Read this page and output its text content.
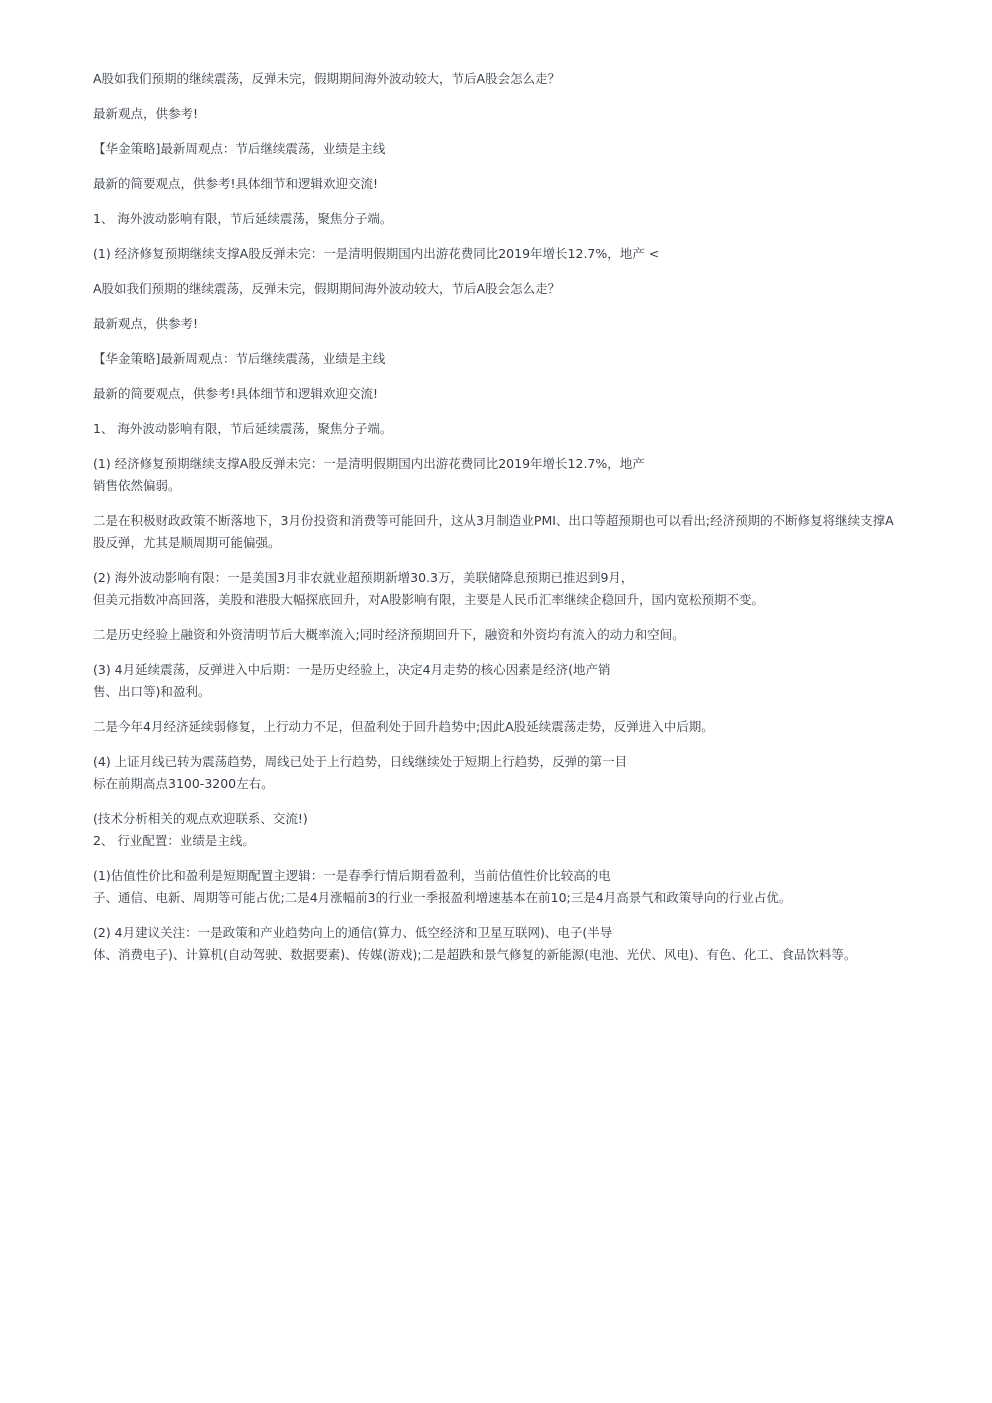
A股如我们预期的继续震荡，反弹未完，假期期间海外波动较大，节后A股会怎么走？
最新观点，供参考!
【华金策略]最新周观点：节后继续震荡，业绩是主线
最新的简要观点，供参考!具体细节和逻辑欢迎交流!
1、 海外波动影响有限，节后延续震荡，聚焦分子端。
(1) 经济修复预期继续支撑A股反弹未完：一是清明假期国内出游花费同比2019年增长12.7%，地产 <
A股如我们预期的继续震荡，反弹未完，假期期间海外波动较大，节后A股会怎么走？
最新观点，供参考!
【华金策略]最新周观点：节后继续震荡，业绩是主线
最新的简要观点，供参考!具体细节和逻辑欢迎交流!
1、 海外波动影响有限，节后延续震荡，聚焦分子端。
(1) 经济修复预期继续支撑A股反弹未完：一是清明假期国内出游花费同比2019年增长12.7%，地产
销售依然偏弱。
二是在积极财政政策不断落地下，3月份投资和消费等可能回升，这从3月制造业PMI、出口等超预期也可以看出;经济预期的不断修复将继续支撑A
股反弹，尤其是顺周期可能偏强。
(2) 海外波动影响有限：一是美国3月非农就业超预期新增30.3万，美联储降息预期已推迟到9月，
但美元指数冲高回落，美股和港股大幅探底回升，对A股影响有限，主要是人民币汇率继续企稳回升，国内宽松预期不变。
二是历史经验上融资和外资清明节后大概率流入;同时经济预期回升下，融资和外资均有流入的动力和空间。
(3) 4月延续震荡，反弹进入中后期：一是历史经验上，决定4月走势的核心因素是经济(地产销
售、出口等)和盈利。
二是今年4月经济延续弱修复，上行动力不足，但盈利处于回升趋势中;因此A股延续震荡走势，反弹进入中后期。
(4) 上证月线已转为震荡趋势，周线已处于上行趋势，日线继续处于短期上行趋势，反弹的第一目
标在前期高点3100-3200左右。
(技术分析相关的观点欢迎联系、交流!)
2、 行业配置：业绩是主线。
(1)估值性价比和盈利是短期配置主逻辑：一是春季行情后期看盈利，当前估值性价比较高的电
子、通信、电新、周期等可能占优;二是4月涨幅前3的行业一季报盈利增速基本在前10;三是4月高景气和政策导向的行业占优。
(2) 4月建议关注：一是政策和产业趋势向上的通信(算力、低空经济和卫星互联网)、电子(半导
体、消费电子)、计算机(自动驾驶、数据要素)、传媒(游戏);二是超跌和景气修复的新能源(电池、光伏、风电)、有色、化工、食品饮料等。
